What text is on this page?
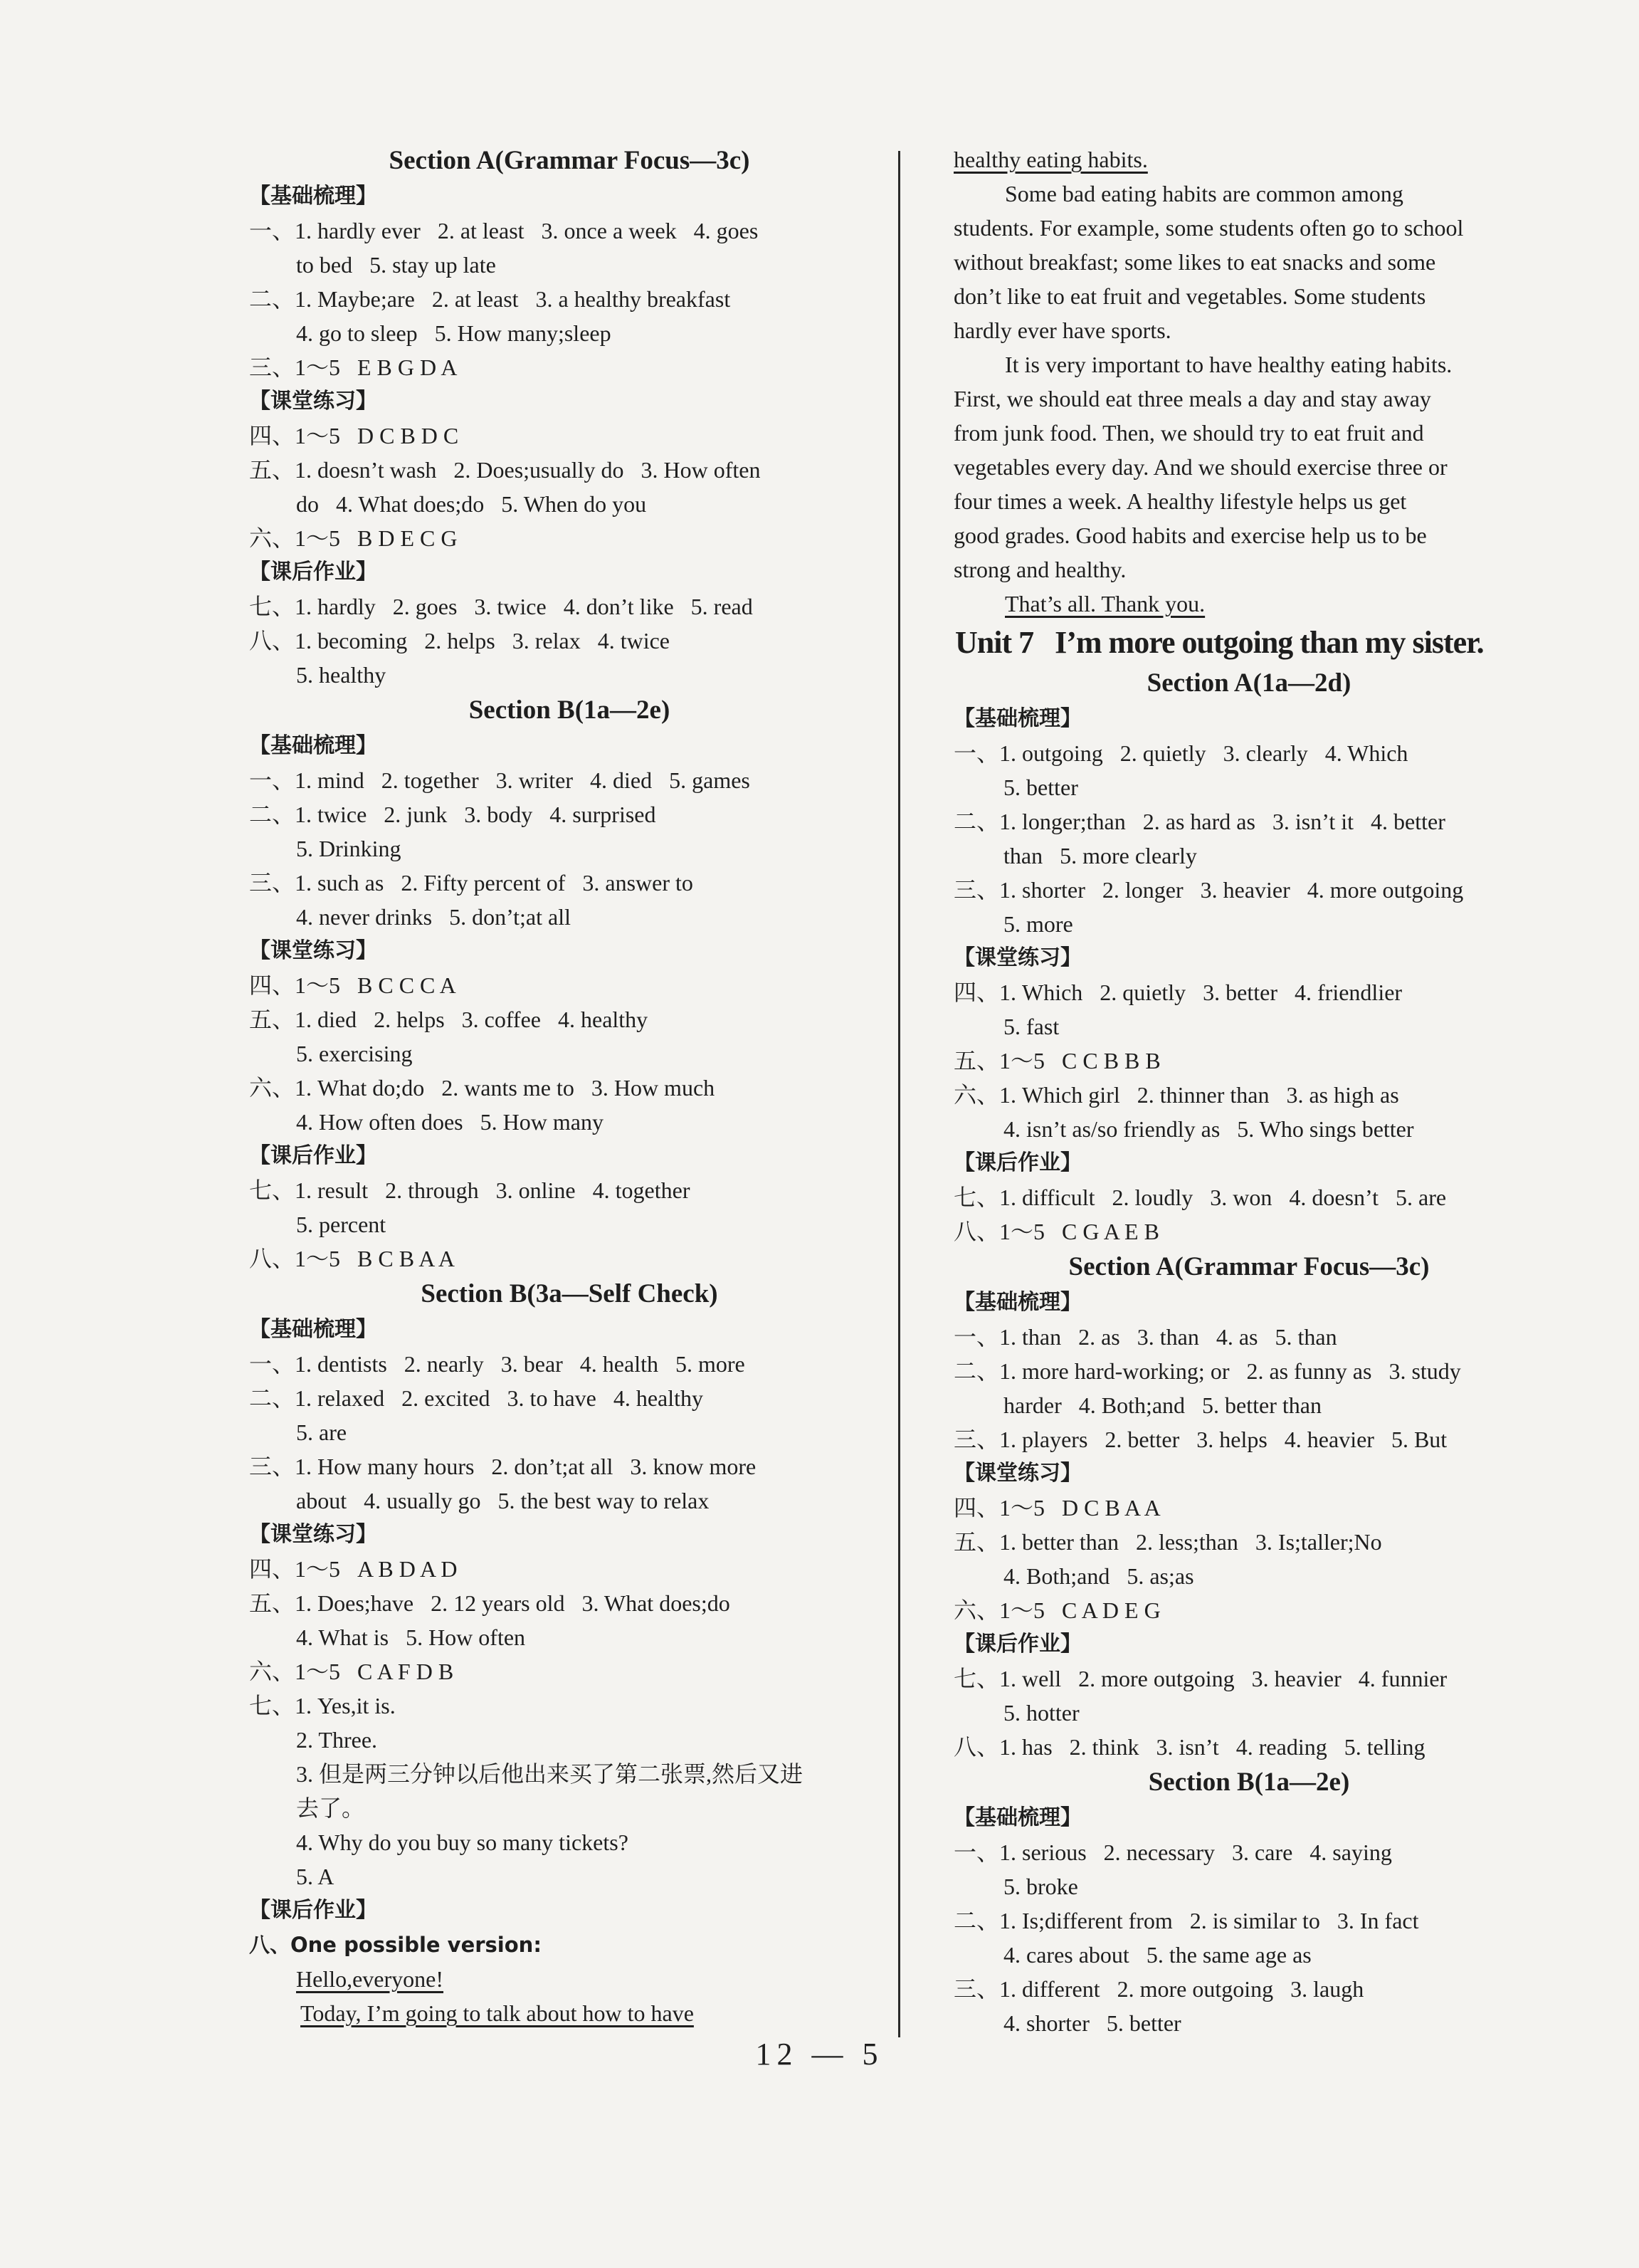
Section A(Grammar Focus—3c)
【基础梳理】
一、1. hardly ever   2. at least   3. once a week   4. goes
to bed   5. stay up late
二、1. Maybe;are   2. at least   3. a healthy breakfast
4. go to sleep   5. How many;sleep
三、1～5   E B G D A
【课堂练习】
四、1～5   D C B D C
五、1. doesn’t wash   2. Does;usually do   3. How often
do   4. What does;do   5. When do you
六、1～5   B D E C G
【课后作业】
七、1. hardly   2. goes   3. twice   4. don’t like   5. read
八、1. becoming   2. helps   3. relax   4. twice
5. healthy
Section B(1a—2e)
【基础梳理】
一、1. mind   2. together   3. writer   4. died   5. games
二、1. twice   2. junk   3. body   4. surprised
5. Drinking
三、1. such as   2. Fifty percent of   3. answer to
4. never drinks   5. don’t;at all
【课堂练习】
四、1～5   B C C C A
五、1. died   2. helps   3. coffee   4. healthy
5. exercising
六、1. What do;do   2. wants me to   3. How much
4. How often does   5. How many
【课后作业】
七、1. result   2. through   3. online   4. together
5. percent
八、1～5   B C B A A
Section B(3a—Self Check)
【基础梳理】
一、1. dentists   2. nearly   3. bear   4. health   5. more
二、1. relaxed   2. excited   3. to have   4. healthy
5. are
三、1. How many hours   2. don’t;at all   3. know more
about   4. usually go   5. the best way to relax
【课堂练习】
四、1～5   A B D A D
五、1. Does;have   2. 12 years old   3. What does;do
4. What is   5. How often
六、1～5   C A F D B
七、1. Yes,it is.
2. Three.
3. 但是两三分钟以后他出来买了第二张票,然后又进
去了。
4. Why do you buy so many tickets?
5. A
【课后作业】
八、One possible version:
Hello,everyone!
Today, I’m going to talk about how to have
healthy eating habits.
Some bad eating habits are common among
students. For example, some students often go to school
without breakfast; some likes to eat snacks and some
don’t like to eat fruit and vegetables. Some students
hardly ever have sports.
It is very important to have healthy eating habits.
First, we should eat three meals a day and stay away
from junk food. Then, we should try to eat fruit and
vegetables every day. And we should exercise three or
four times a week. A healthy lifestyle helps us get
good grades. Good habits and exercise help us to be
strong and healthy.
That’s all. Thank you.
Unit 7   I’m more outgoing than my sister.
Section A(1a—2d)
【基础梳理】
一、1. outgoing   2. quietly   3. clearly   4. Which
5. better
二、1. longer;than   2. as hard as   3. isn’t it   4. better
than   5. more clearly
三、1. shorter   2. longer   3. heavier   4. more outgoing
5. more
【课堂练习】
四、1. Which   2. quietly   3. better   4. friendlier
5. fast
五、1～5   C C B B B
六、1. Which girl   2. thinner than   3. as high as
4. isn’t as/so friendly as   5. Who sings better
【课后作业】
七、1. difficult   2. loudly   3. won   4. doesn’t   5. are
八、1～5   C G A E B
Section A(Grammar Focus—3c)
【基础梳理】
一、1. than   2. as   3. than   4. as   5. than
二、1. more hard-working; or   2. as funny as   3. study
harder   4. Both;and   5. better than
三、1. players   2. better   3. helps   4. heavier   5. But
【课堂练习】
四、1～5   D C B A A
五、1. better than   2. less;than   3. Is;taller;No
4. Both;and   5. as;as
六、1～5   C A D E G
【课后作业】
七、1. well   2. more outgoing   3. heavier   4. funnier
5. hotter
八、1. has   2. think   3. isn’t   4. reading   5. telling
Section B(1a—2e)
【基础梳理】
一、1. serious   2. necessary   3. care   4. saying
5. broke
二、1. Is;different from   2. is similar to   3. In fact
4. cares about   5. the same age as
三、1. different   2. more outgoing   3. laugh
4. shorter   5. better
12 — 5
